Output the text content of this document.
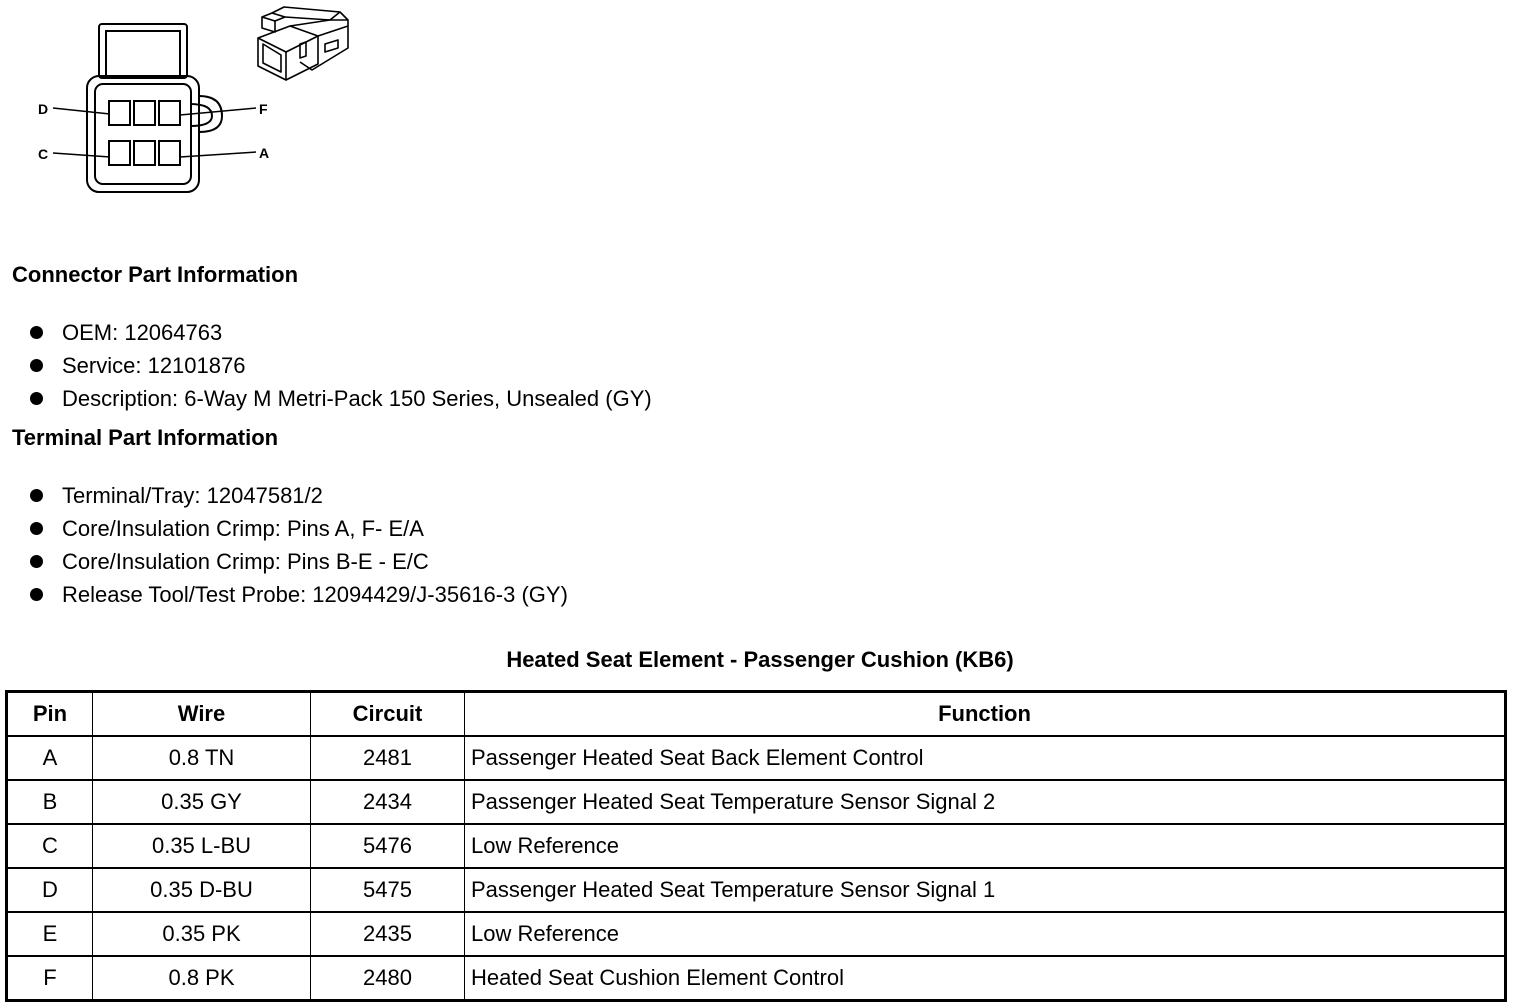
D
C
F
A
Connector Part Information
OEM: 12064763
Service: 12101876
Description: 6-Way M Metri-Pack 150 Series, Unsealed (GY)
Terminal Part Information
Terminal/Tray: 12047581/2
Core/Insulation Crimp: Pins A, F- E/A
Core/Insulation Crimp: Pins B-E - E/C
Release Tool/Test Probe: 12094429/J-35616-3 (GY)
Heated Seat Element - Passenger Cushion (KB6)
Pin	Wire	Circuit	Function
A	0.8 TN	2481	Passenger Heated Seat Back Element Control
B	0.35 GY	2434	Passenger Heated Seat Temperature Sensor Signal 2
C	0.35 L-BU	5476	Low Reference
D	0.35 D-BU	5475	Passenger Heated Seat Temperature Sensor Signal 1
E	0.35 PK	2435	Low Reference
F	0.8 PK	2480	Heated Seat Cushion Element Control
